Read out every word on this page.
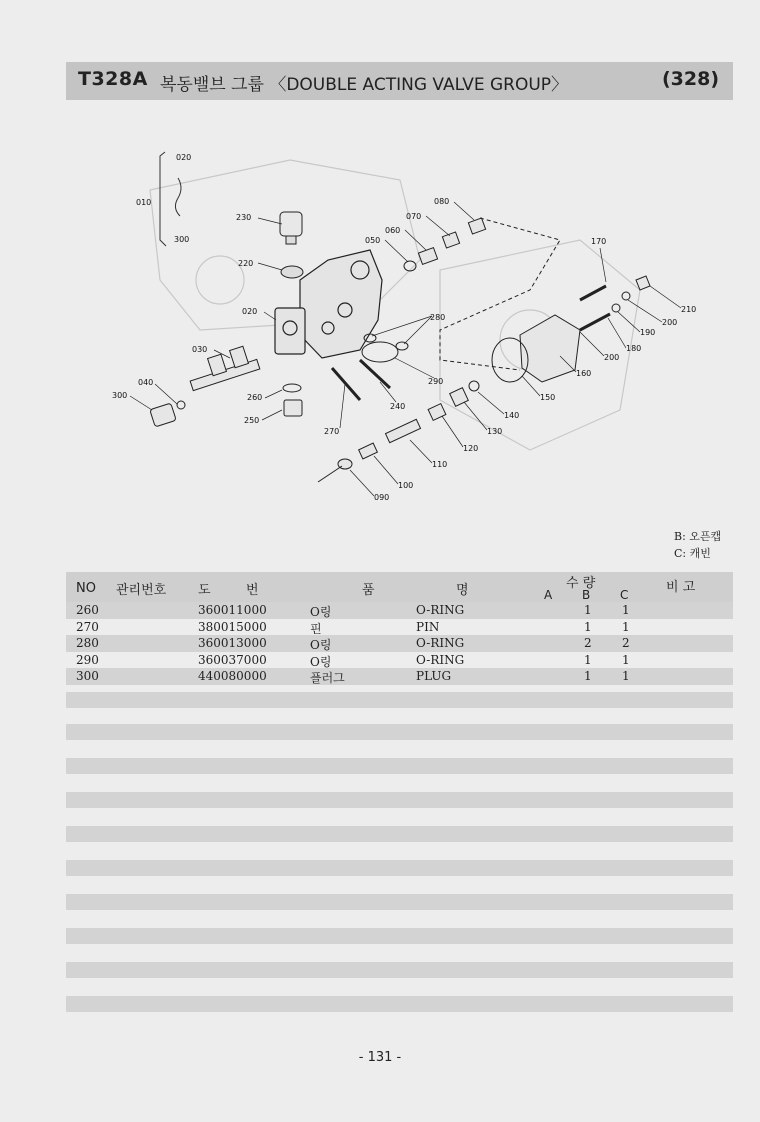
T328A 복동밸브 그룹 〈DOUBLE ACTING VALVE GROUP〉	(328)
020
010
300
230
220
020
030
040
300	260
250
270
240
290
280
050
060
070
080
170
210
200
190
180
200
160
150
140
130
120
110
100
090
B: 오픈캡
C: 캐빈
NO 관리번호 도	번	품	명	수 량
A B C	비 고
260	360011000	O링	O-RING	1	1
270	380015000	핀	PIN	1	1
280	360013000	O링	O-RING	2	2
290	360037000	O링	O-RING	1	1
300	440080000	플러그	PLUG	1	1
- 131 -
